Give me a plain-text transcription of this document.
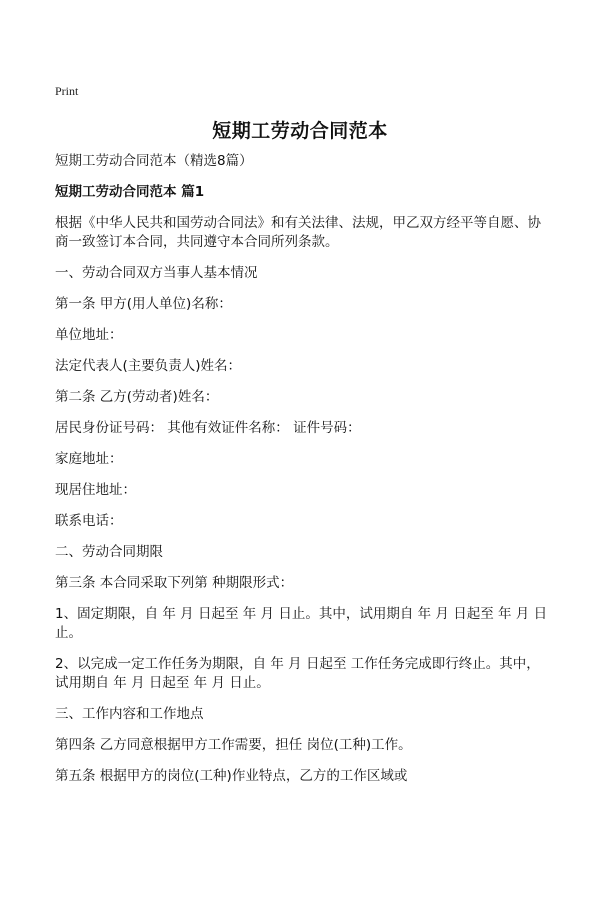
Print
短期工劳动合同范本

短期工劳动合同范本（精选8篇）

短期工劳动合同范本 篇1

根据《中华人民共和国劳动合同法》和有关法律、法规，甲乙双方经平等自愿、协商一致签订本合同，共同遵守本合同所列条款。

一、劳动合同双方当事人基本情况

第一条 甲方(用人单位)名称：

单位地址：

法定代表人(主要负责人)姓名：

第二条 乙方(劳动者)姓名：

居民身份证号码： 其他有效证件名称： 证件号码：

家庭地址：

现居住地址：

联系电话：

二、劳动合同期限

第三条 本合同采取下列第 种期限形式：

1、固定期限，自 年 月 日起至 年 月 日止。其中，试用期自 年 月 日起至 年 月 日止。

2、以完成一定工作任务为期限，自 年 月 日起至 工作任务完成即行终止。其中，试用期自 年 月 日起至 年 月 日止。

三、工作内容和工作地点

第四条 乙方同意根据甲方工作需要，担任 岗位(工种)工作。

第五条 根据甲方的岗位(工种)作业特点，乙方的工作区域或
